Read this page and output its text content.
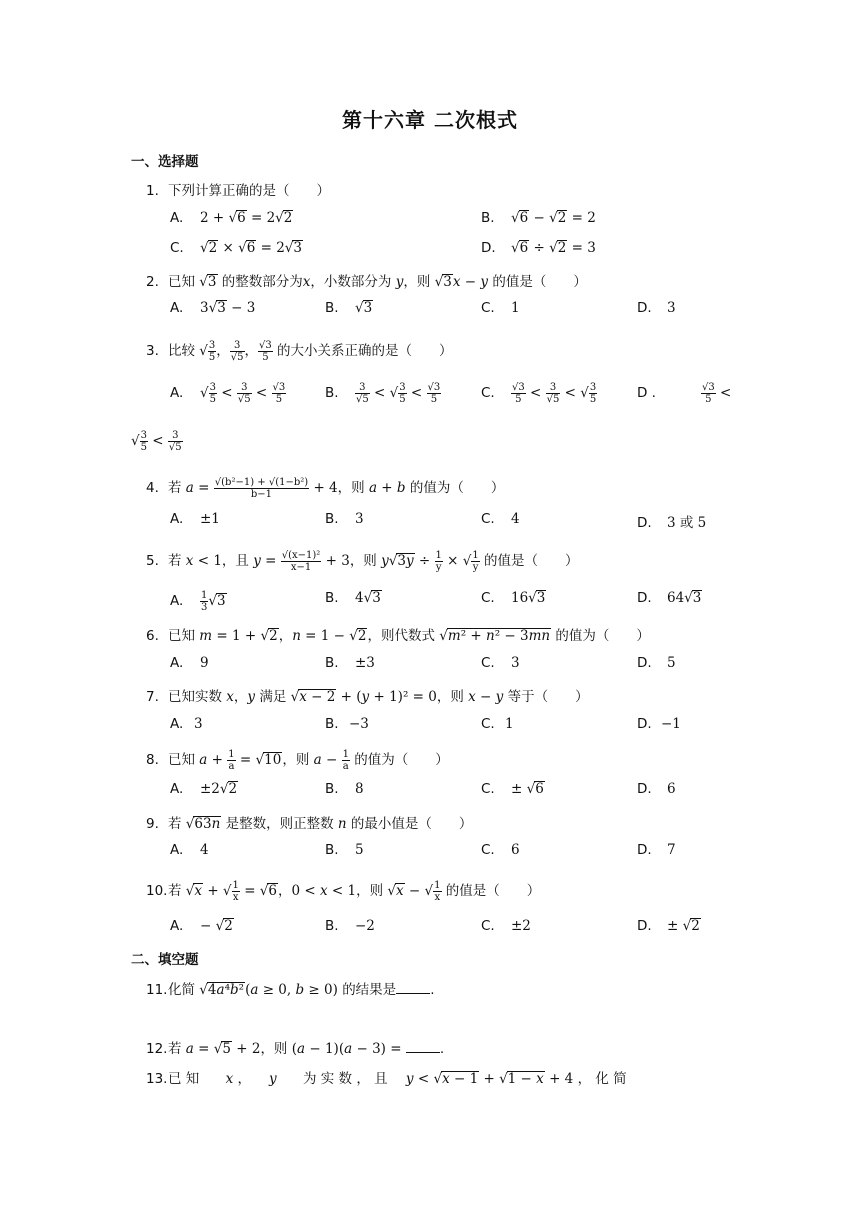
第十六章 二次根式
一、选择题
1. 下列计算正确的是（　　）
A. 2 + √6 = 2√2	B. √6 − √2 = 2
C. √2 × √6 = 2√3	D. √6 ÷ √2 = 3
2. 已知 √3 的整数部分为x，小数部分为 y，则 √3x − y 的值是（　　）
A. 3√3 − 3	B. √3	C. 1	D. 3
3. 比较 √ $\frac{3}{5}$ ， $\frac{3}{√5}$ ， $\frac{√3}{5}$ 的大小关系正确的是（　　）
A. √ $\frac{3}{5} < \frac{3}{√5} < \frac{√3}{5}$	B. $\frac{3}{√5}$ < √ $\frac{3}{5} < \frac{√3}{5}$	C. $\frac{√3}{5} < \frac{3}{√5}$ < √ $\frac{3}{5}$	D .	$\frac{√3}{5}$ <
√ $\frac{3}{5} < \frac{3}{√5}$
4. 若 $a = \frac{\text{√(b²−1) + √(1−b²)}}{b-1} + 4$，则 a + b 的值为（　　）
A. ±1	B. 3	C. 4	D. 3 或 5
5. 若 x < 1，且 $y = \frac{\text{√(x−1)²}}{x-1} + 3$，则 $y√3y \div \frac{1}{y}$ × √ $\frac{1}{y}$ 的值是（　　）
A. $\frac{1}{3} √3$	B. 4√3	C. 16√3	D. 64√3
6. 已知 m = 1 + √2，n = 1 − √2，则代数式 √m² + n² − 3mn 的值为（　　）
A. 9	B. ±3	C. 3	D. 5
7. 已知实数 x，y 满足 √x − 2 + (y + 1)² = 0，则 x − y 等于（　　）
A. 3	B. −3	C. 1	D. −1
8. 已知 $a + \frac{1}{a} = √10$，则 $a - \frac{1}{a}$ 的值为（　　）
A. ±2√2	B. 8	C. ± √6	D. 6
9. 若 √63n 是整数，则正整数 n 的最小值是（　　）
A. 4	B. 5	C. 6	D. 7
10.若 √x + √ $\frac{1}{x} = √6$，0 < x < 1，则 √x − √ $\frac{1}{x}$ 的值是（　　）
A. − √2	B. −2	C. ±2	D. ± √2
二、填空题
11.化简 √4a⁴b²(a ≥ 0, b ≥ 0) 的结果是	.
12.若 a = √5 + 2，则 (a − 1)(a − 3) =	.
13.已 知 x ， y 为 实 数 ， 且 y < √x − 1 + √1 − x + 4 ， 化 简
